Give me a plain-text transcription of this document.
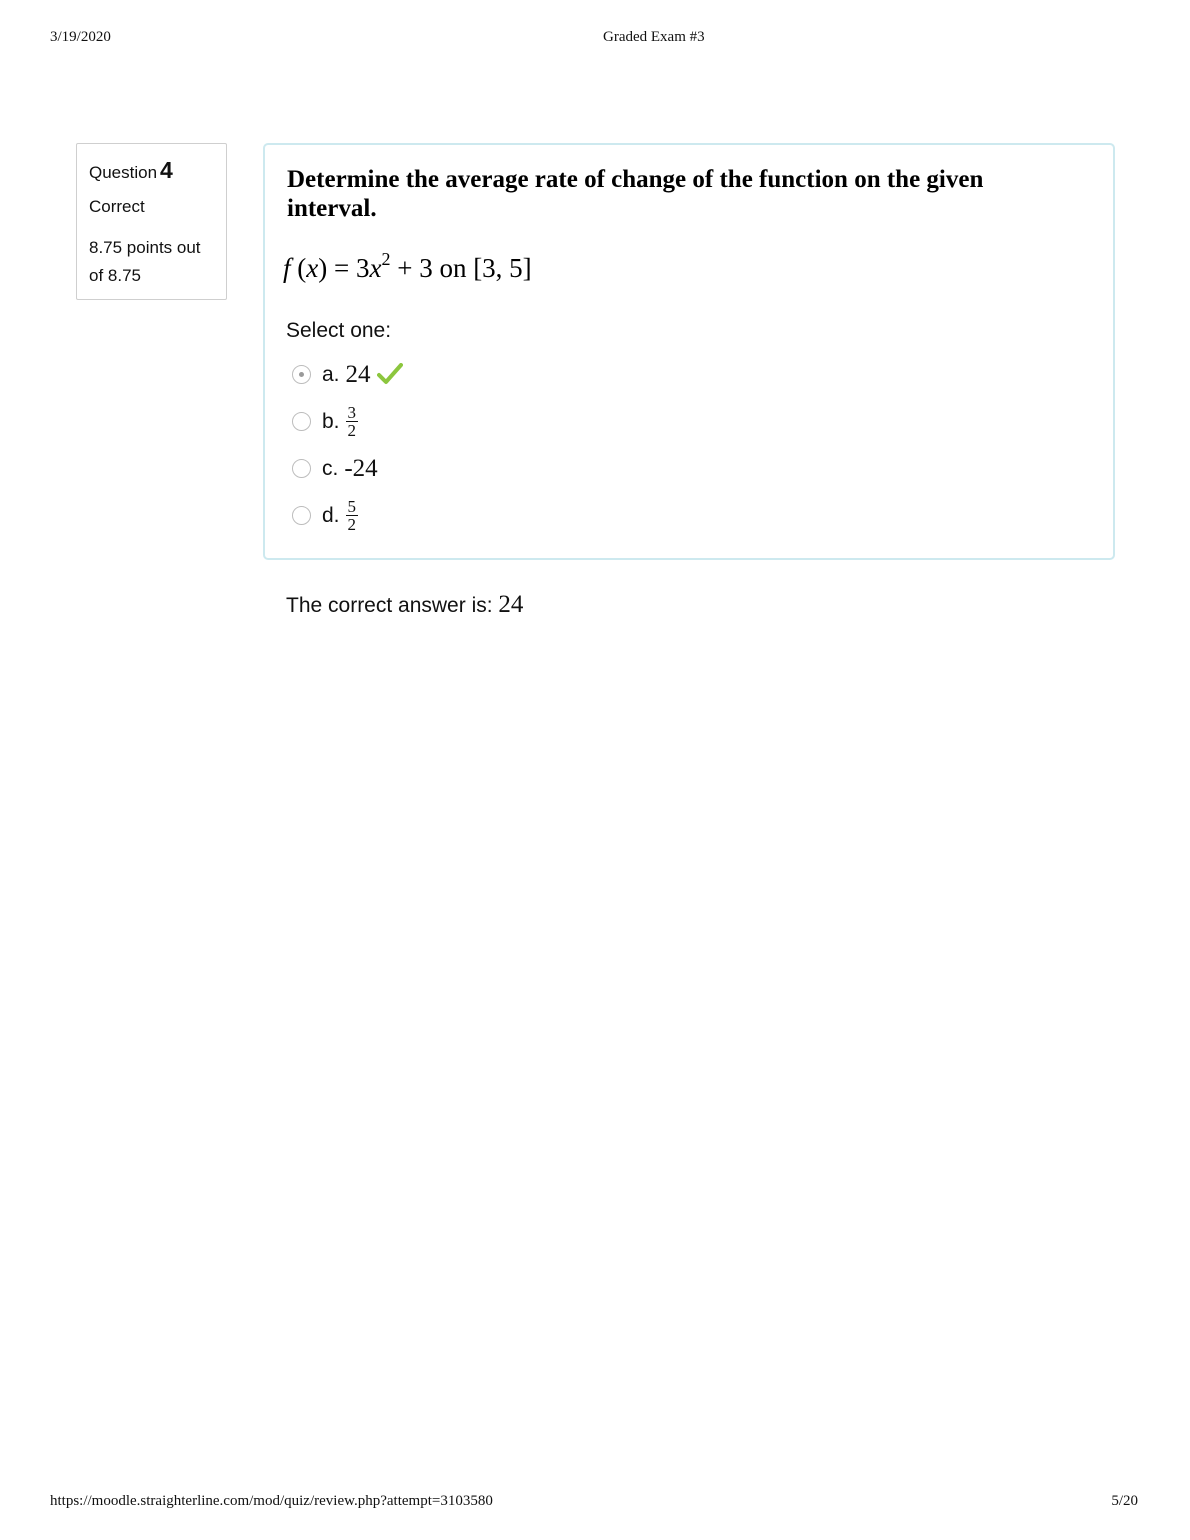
3/19/2020	Graded Exam #3
Question 4
Correct
8.75 points out of 8.75
Determine the average rate of change of the function on the given interval.
f $(x) = 3x^2 + 3$ on [3, 5]
Select one:
a. 24
b. $\frac{3}{2}$
c. -24
d. $\frac{5}{2}$
The correct answer is: 24
https://moodle.straighterline.com/mod/quiz/review.php?attempt=3103580	5/20
